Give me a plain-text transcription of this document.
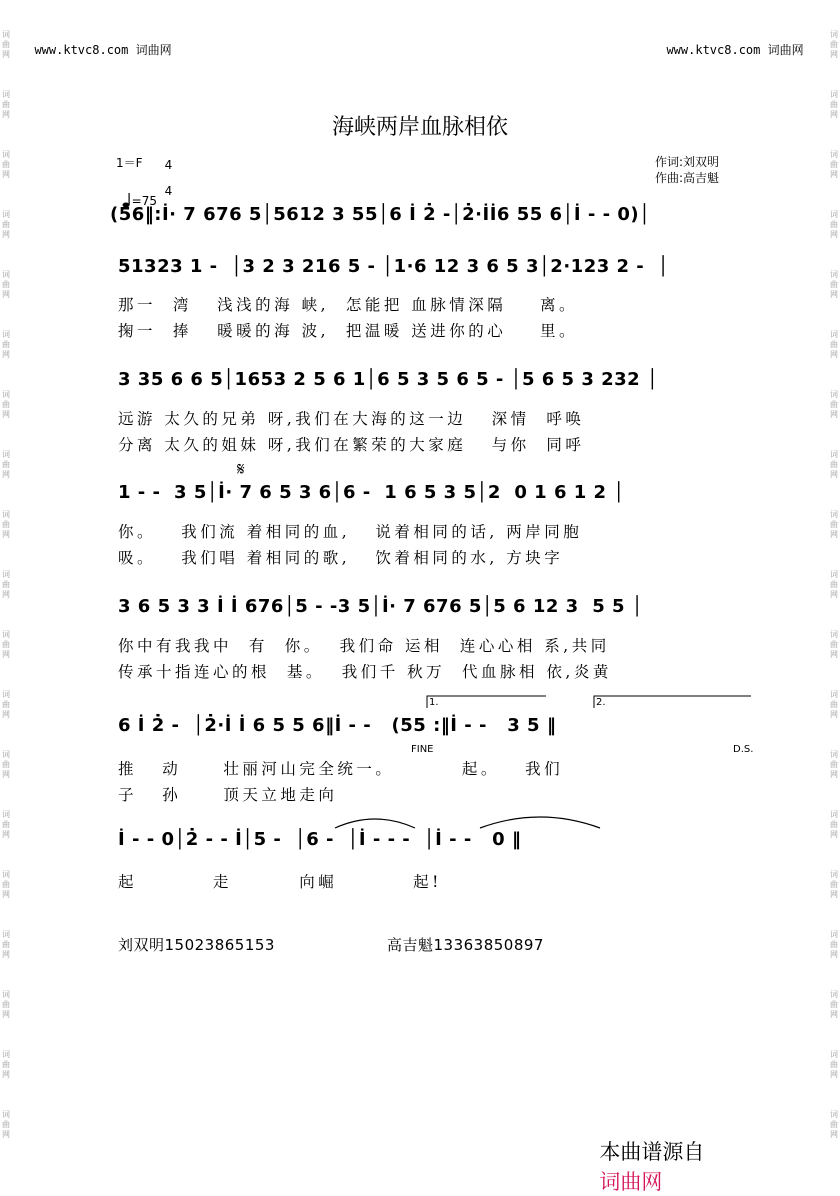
词
曲
网
词
曲
网
词
曲
网
词
曲
网
词
曲
网
词
曲
网
词
曲
网
词
曲
网
词
曲
网
词
曲
网
词
曲
网
词
曲
网
词
曲
网
词
曲
网
词
曲
网
词
曲
网
词
曲
网
词
曲
网
词
曲
网
词
曲
网
词
曲
网
词
曲
网
词
曲
网
词
曲
网
词
曲
网
词
曲
网
词
曲
网
词
曲
网
词
曲
网
词
曲
网
词
曲
网
词
曲
网
词
曲
网
词
曲
网
词
曲
网
词
曲
网
词
曲
网
词
曲
网

www.ktvc8.com 词曲网	www.ktvc8.com 词曲网

海峡两岸血脉相依
1＝F	4

4

=75

作词:刘双明
作曲:高吉魁
(56‖:İ· 7 676 5│5612 3 55│6 İ 2̇ -│2̇·İİ6 55 6│İ - - 0)│
51323 1 -  │3 2 3 216 5 - │1·6 12 3 6 5 3│2·123 2 -  │
那一  湾   浅浅的海 峡,  怎能把 血脉情深隔    离。
掬一  捧   暖暖的海 波,  把温暖 送进你的心    里。
3 35 6 6 5│1653 2 5 6 1│6 5 3 5 6 5 - │5 6 5 3 232 │
远游 太久的兄弟 呀,我们在大海的这一边   深情  呼唤
分离 太久的姐妹 呀,我们在繁荣的大家庭   与你  同呼
𝄋
1 - -  3 5│İ· 7 6 5 3 6│6 -  1 6 5 3 5│2  0 1 6 1 2 │
你。   我们流 着相同的血,   说着相同的话, 两岸同胞
吸。   我们唱 着相同的歌,   饮着相同的水, 方块字
3 6 5 3 3 İ İ 676│5 - -3 5│İ· 7 676 5│5 6 12 3  5 5 │
你中有我我中  有  你。  我们命 运相  连心心相 系,共同
传承十指连心的根  基。  我们千 秋万  代血脉相 依,炎黄
1.	2.
6 İ 2̇ -  │2̇·İ İ 6 5 5 6‖İ - -   (55 :‖İ - -   3 5 ‖
FINE	D.S.
推   动     壮丽河山完全统一。        起。   我们
子   孙     顶天立地走向
İ - - 0│2̇ - - İ│5 -  │6 -  │İ - - -  │İ - -   0 ‖
起         走        向崛         起!
刘双明15023865153	高吉魁13363850897

本曲谱源自
词曲网
